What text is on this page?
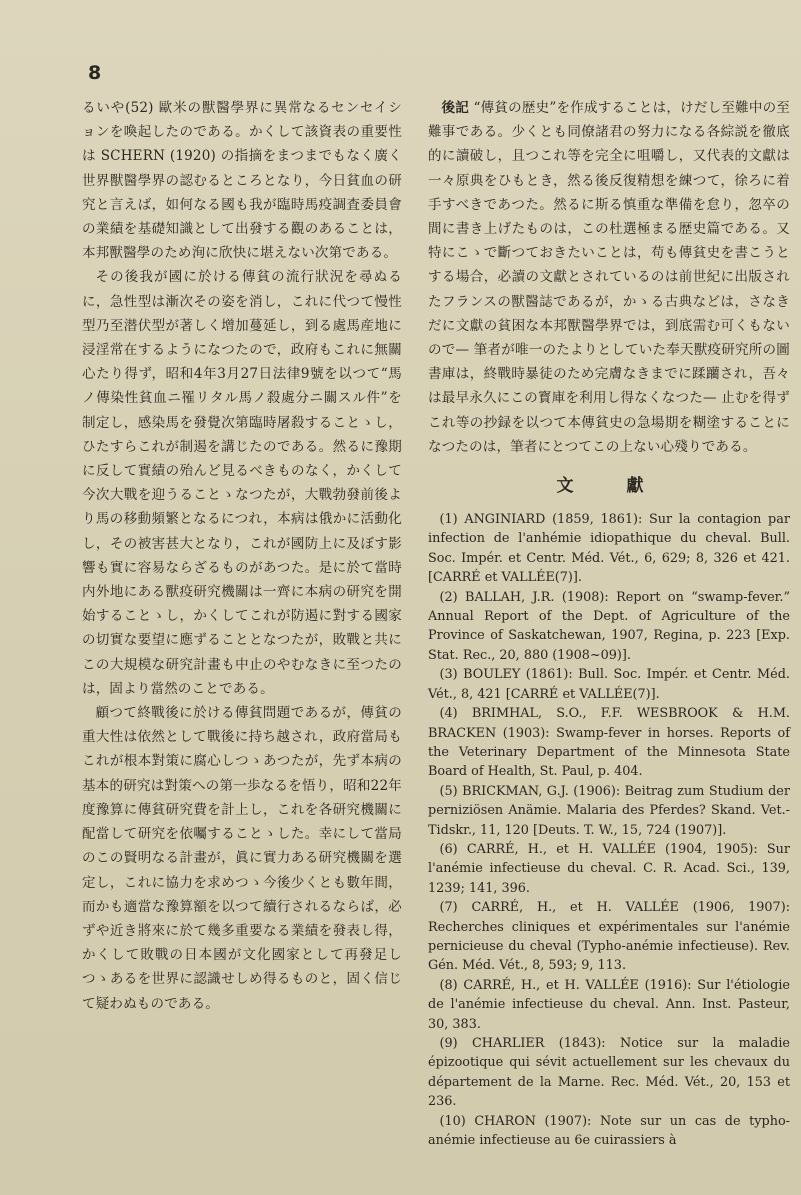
8

るいや(52) 歐米の獸醫學界に異常なるセンセイションを喚起したのである。かくして該資表の重要性は SCHERN (1920) の指摘をまつまでもなく廣く世界獸醫學界の認むるところとなり，今日貧血の研究と言えば，如何なる國も我が臨時馬疫調査委員會の業績を基礎知識として出發する觀のあることは，本邦獸醫學のため洵に欣快に堪えない次第である。

その後我が國に於ける傳貧の流行狀況を尋ぬるに，急性型は漸次その姿を消し，これに代つて慢性型乃至潜伏型が著しく增加蔓延し，到る處馬産地に浸淫常在するようになつたので，政府もこれに無關心たり得ず，昭和4年3月27日法律9號を以つて“馬ノ傳染性貧血ニ罹リタル馬ノ殺處分ニ關スル件”を制定し，感染馬を發覺次第臨時屠殺することゝし，ひたすらこれが制遏を講じたのである。然るに豫期に反して實績の殆んど見るべきものなく，かくして今次大戰を迎うることゝなつたが，大戰勃發前後より馬の移動頻繁となるにつれ，本病は俄かに活動化し，その被害甚大となり，これが國防上に及ぼす影響も實に容易ならざるものがあつた。是に於て當時内外地にある獸疫研究機關は一齊に本病の研究を開始することゝし，かくしてこれが防遏に對する國家の切實な要望に應ずることとなつたが，敗戰と共にこの大規模な研究計畫も中止のやむなきに至つたのは，固より當然のことである。

顧つて終戰後に於ける傳貧問題であるが，傳貧の重大性は依然として戰後に持ち越され，政府當局もこれが根本對策に腐心しつゝあつたが，先ず本病の基本的研究は對策への第一歩なるを悟り，昭和22年度豫算に傳貧研究費を計上し，これを各研究機關に配當して研究を依囑することゝした。幸にして當局のこの賢明なる計畫が，眞に實力ある研究機關を選定し，これに協力を求めつゝ今後少くとも數年間，而かも適當な豫算額を以つて續行されるならば，必ずや近き將來に於て幾多重要なる業績を發表し得，かくして敗戰の日本國が文化國家として再發足しつゝあるを世界に認識せしめ得るものと，固く信じて疑わぬものである。

後記 “傳貧の歴史”を作成することは，けだし至難中の至難事である。少くとも同僚諸君の努力になる各綜説を徹底的に讀破し，且つこれ等を完全に咀嚼し，又代表的文獻は一々原典をひもとき，然る後反復精想を練つて，徐ろに着手すべきであつた。然るに斯る慎重な準備を怠り，忽卒の間に書き上げたものは，この杜選極まる歴史篇である。又特にこゝで斷つておきたいことは，苟も傳貧史を書こうとする場合，必讀の文獻とされているのは前世紀に出版されたフランスの獸醫誌であるが，かゝる古典などは，さなきだに文獻の貧困な本邦獸醫學界では，到底需む可くもないので— 筆者が唯一のたよりとしていた奉天獸疫研究所の圖書庫は，終戰時暴徒のため完膚なきまでに蹂躪され，吾々は最早永久にこの寳庫を利用し得なくなつた— 止むを得ずこれ等の抄録を以つて本傳貧史の急場期を糊塗することになつたのは，筆者にとつてこの上ない心殘りである。

文　獻

(1) ANGINIARD (1859, 1861): Sur la contagion par infection de l'anhémie idiopathique du cheval. Bull. Soc. Impér. et Centr. Méd. Vét., 6, 629; 8, 326 et 421. [CARRÉ et VALLÉE(7)].

(2) BALLAH, J.R. (1908): Report on “swamp-fever.” Annual Report of the Dept. of Agriculture of the Province of Saskatchewan, 1907, Regina, p. 223 [Exp. Stat. Rec., 20, 880 (1908~09)].

(3) BOULEY (1861): Bull. Soc. Impér. et Centr. Méd. Vét., 8, 421 [CARRÉ et VALLÉE(7)].

(4) BRIMHAL, S.O., F.F. WESBROOK & H.M. BRACKEN (1903): Swamp-fever in horses. Reports of the Veterinary Department of the Minnesota State Board of Health, St. Paul, p. 404.

(5) BRICKMAN, G.J. (1906): Beitrag zum Studium der perniziösen Anämie. Malaria des Pferdes? Skand. Vet.-Tidskr., 11, 120 [Deuts. T. W., 15, 724 (1907)].

(6) CARRÉ, H., et H. VALLÉE (1904, 1905): Sur l'anémie infectieuse du cheval. C. R. Acad. Sci., 139, 1239; 141, 396.

(7) CARRÉ, H., et H. VALLÉE (1906, 1907): Recherches cliniques et expérimentales sur l'anémie pernicieuse du cheval (Typho-anémie infectieuse). Rev. Gén. Méd. Vét., 8, 593; 9, 113.

(8) CARRÉ, H., et H. VALLÉE (1916): Sur l'étiologie de l'anémie infectieuse du cheval. Ann. Inst. Pasteur, 30, 383.

(9) CHARLIER (1843): Notice sur la maladie épizootique qui sévit actuellement sur les chevaux du département de la Marne. Rec. Méd. Vét., 20, 153 et 236.

(10) CHARON (1907): Note sur un cas de typho-anémie infectieuse au 6e cuirassiers à
